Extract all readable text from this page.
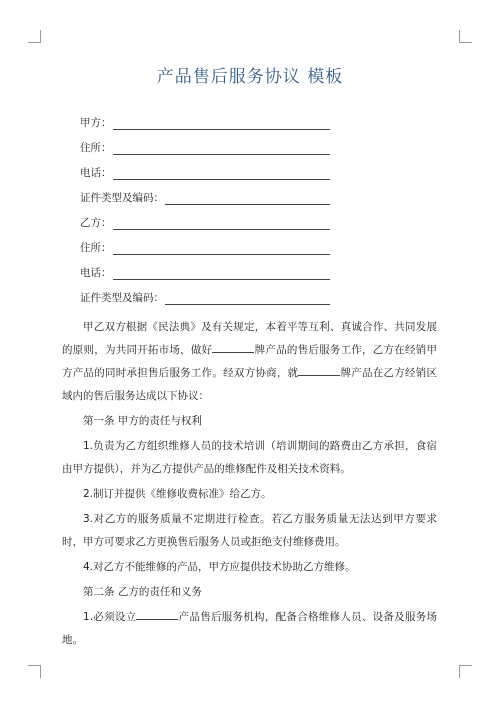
产品售后服务协议 模板
甲方：
住所：
电话：
证件类型及编码：
乙方：
住所：
电话：
证件类型及编码：

甲乙双方根据《民法典》及有关规定，本着平等互利、真诚合作、共同发展的原则，为共同开拓市场，做好	牌产品的售后服务工作，乙方在经销甲方产品的同时承担售后服务工作。经双方协商，就	牌产品在乙方经销区域内的售后服务达成以下协议：

第一条 甲方的责任与权利

1.负责为乙方组织维修人员的技术培训（培训期间的路费由乙方承担，食宿由甲方提供），并为乙方提供产品的维修配件及相关技术资料。

2.制订并提供《维修收费标准》给乙方。

3.对乙方的服务质量不定期进行检查。若乙方服务质量无法达到甲方要求时，甲方可要求乙方更换售后服务人员或拒绝支付维修费用。

4.对乙方不能维修的产品，甲方应提供技术协助乙方维修。

第二条 乙方的责任和义务

1.必须设立	产品售后服务机构，配备合格维修人员、设备及服务场地。
